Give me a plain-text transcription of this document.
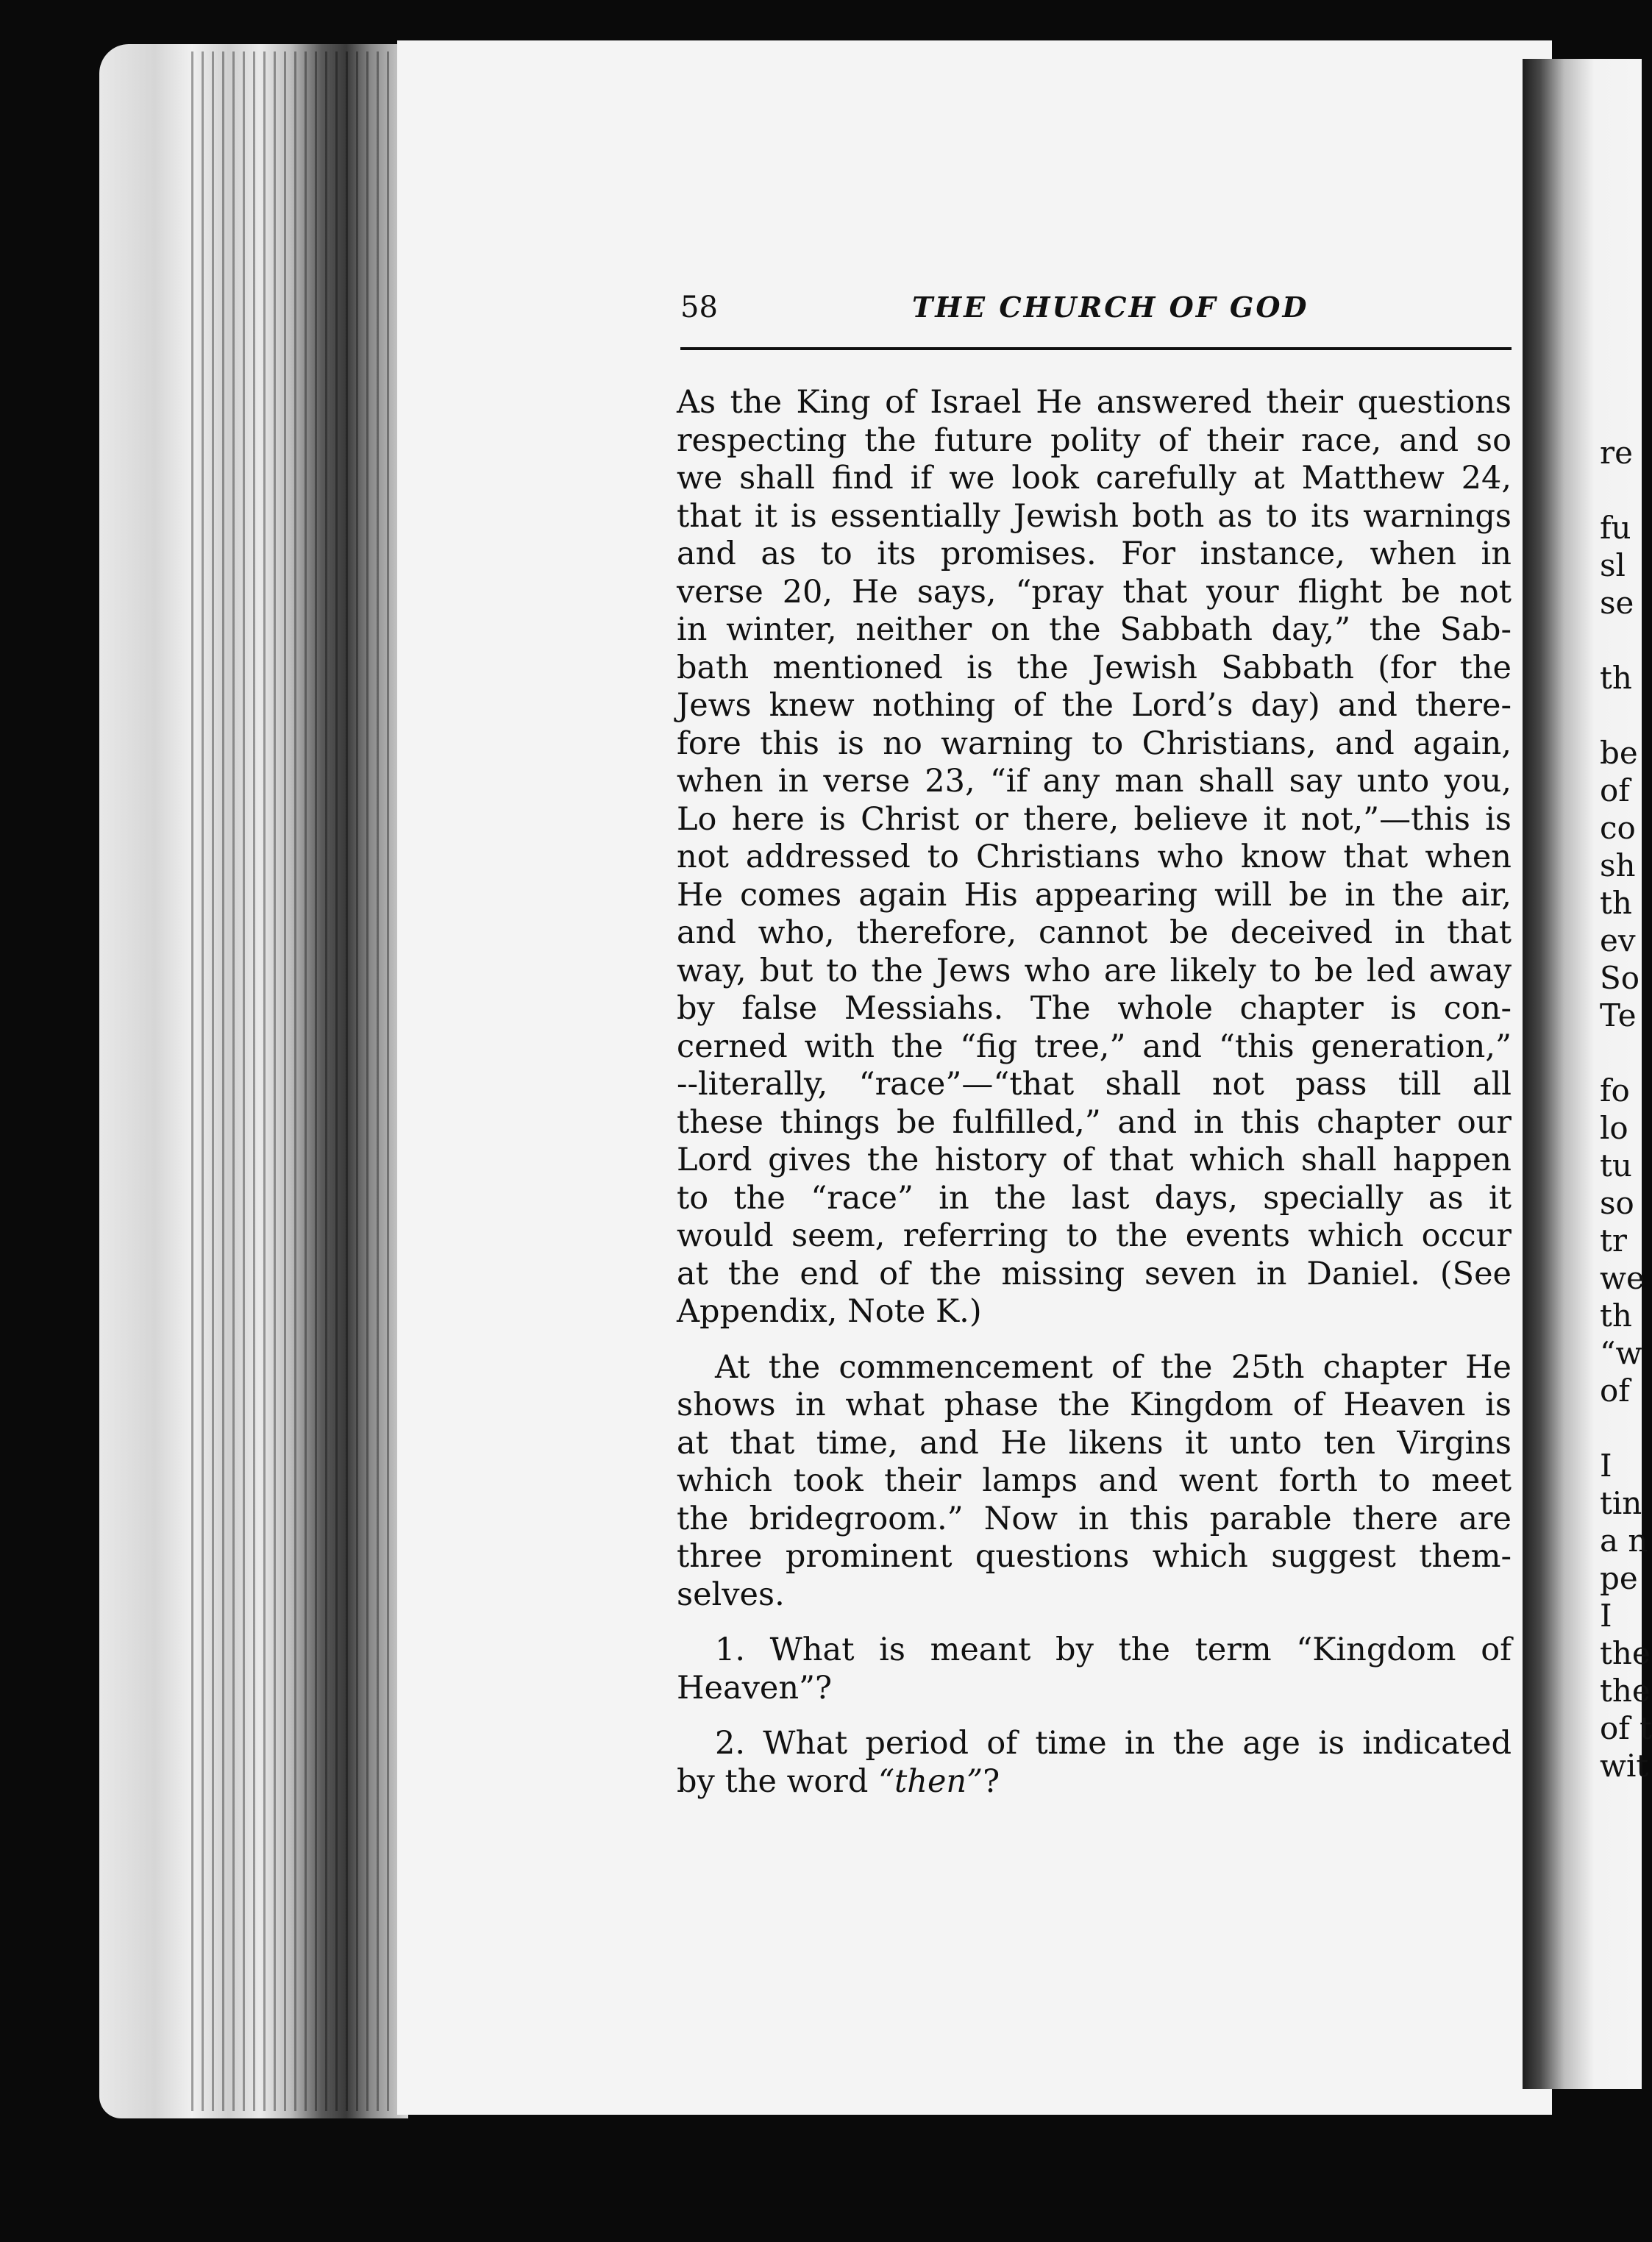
re
fu
sl
se
th
be
of
co
sh
th
ev
So
Te
fo
lo
tu
so
tr
we
th
“w
of
I
tin
a n
pe
I
the
the
of t
wit
58	THE CHURCH OF GOD
As the King of Israel He answered their questions
respecting the future polity of their race, and so
we shall find if we look carefully at Matthew 24,
that it is essentially Jewish both as to its warnings
and as to its promises. For instance, when in
verse 20, He says, “pray that your flight be not
in winter, neither on the Sabbath day,” the Sab-
bath mentioned is the Jewish Sabbath (for the
Jews knew nothing of the Lord’s day) and there-
fore this is no warning to Christians, and again,
when in verse 23, “if any man shall say unto you,
Lo here is Christ or there, believe it not,”—this is
not addressed to Christians who know that when
He comes again His appearing will be in the air,
and who, therefore, cannot be deceived in that
way, but to the Jews who are likely to be led away
by false Messiahs. The whole chapter is con-
cerned with the “fig tree,” and “this generation,”
--literally, “race”—“that shall not pass till all
these things be fulfilled,” and in this chapter our
Lord gives the history of that which shall happen
to the “race” in the last days, specially as it
would seem, referring to the events which occur
at the end of the missing seven in Daniel. (See
Appendix, Note K.)
At the commencement of the 25th chapter He
shows in what phase the Kingdom of Heaven is
at that time, and He likens it unto ten Virgins
which took their lamps and went forth to meet
the bridegroom.” Now in this parable there are
three prominent questions which suggest them-
selves.
1. What is meant by the term “Kingdom of
Heaven”?
2. What period of time in the age is indicated
by the word “then”?
